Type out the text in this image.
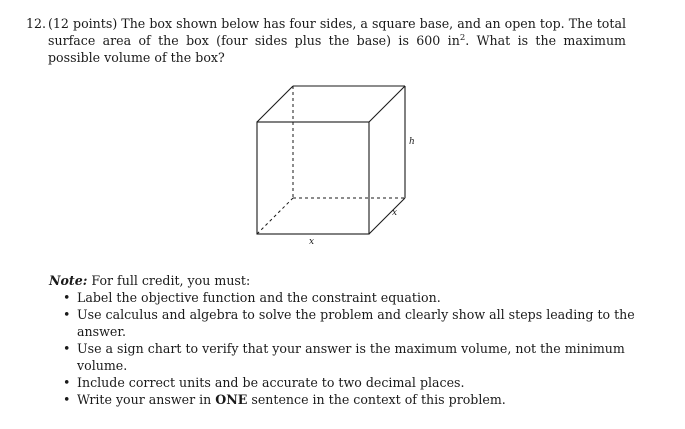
12. (12 points) The box shown below has four sides, a square base, and an open top. The total surface area of the box (four sides plus the base) is 600 $in^2$. What is the maximum possible volume of the box?
h
x
x
Note: For full credit, you must:
• Label the objective function and the constraint equation.
• Use calculus and algebra to solve the problem and clearly show all steps leading to the answer.
• Use a sign chart to verify that your answer is the maximum volume, not the minimum volume.
• Include correct units and be accurate to two decimal places.
• Write your answer in ONE sentence in the context of this problem.
